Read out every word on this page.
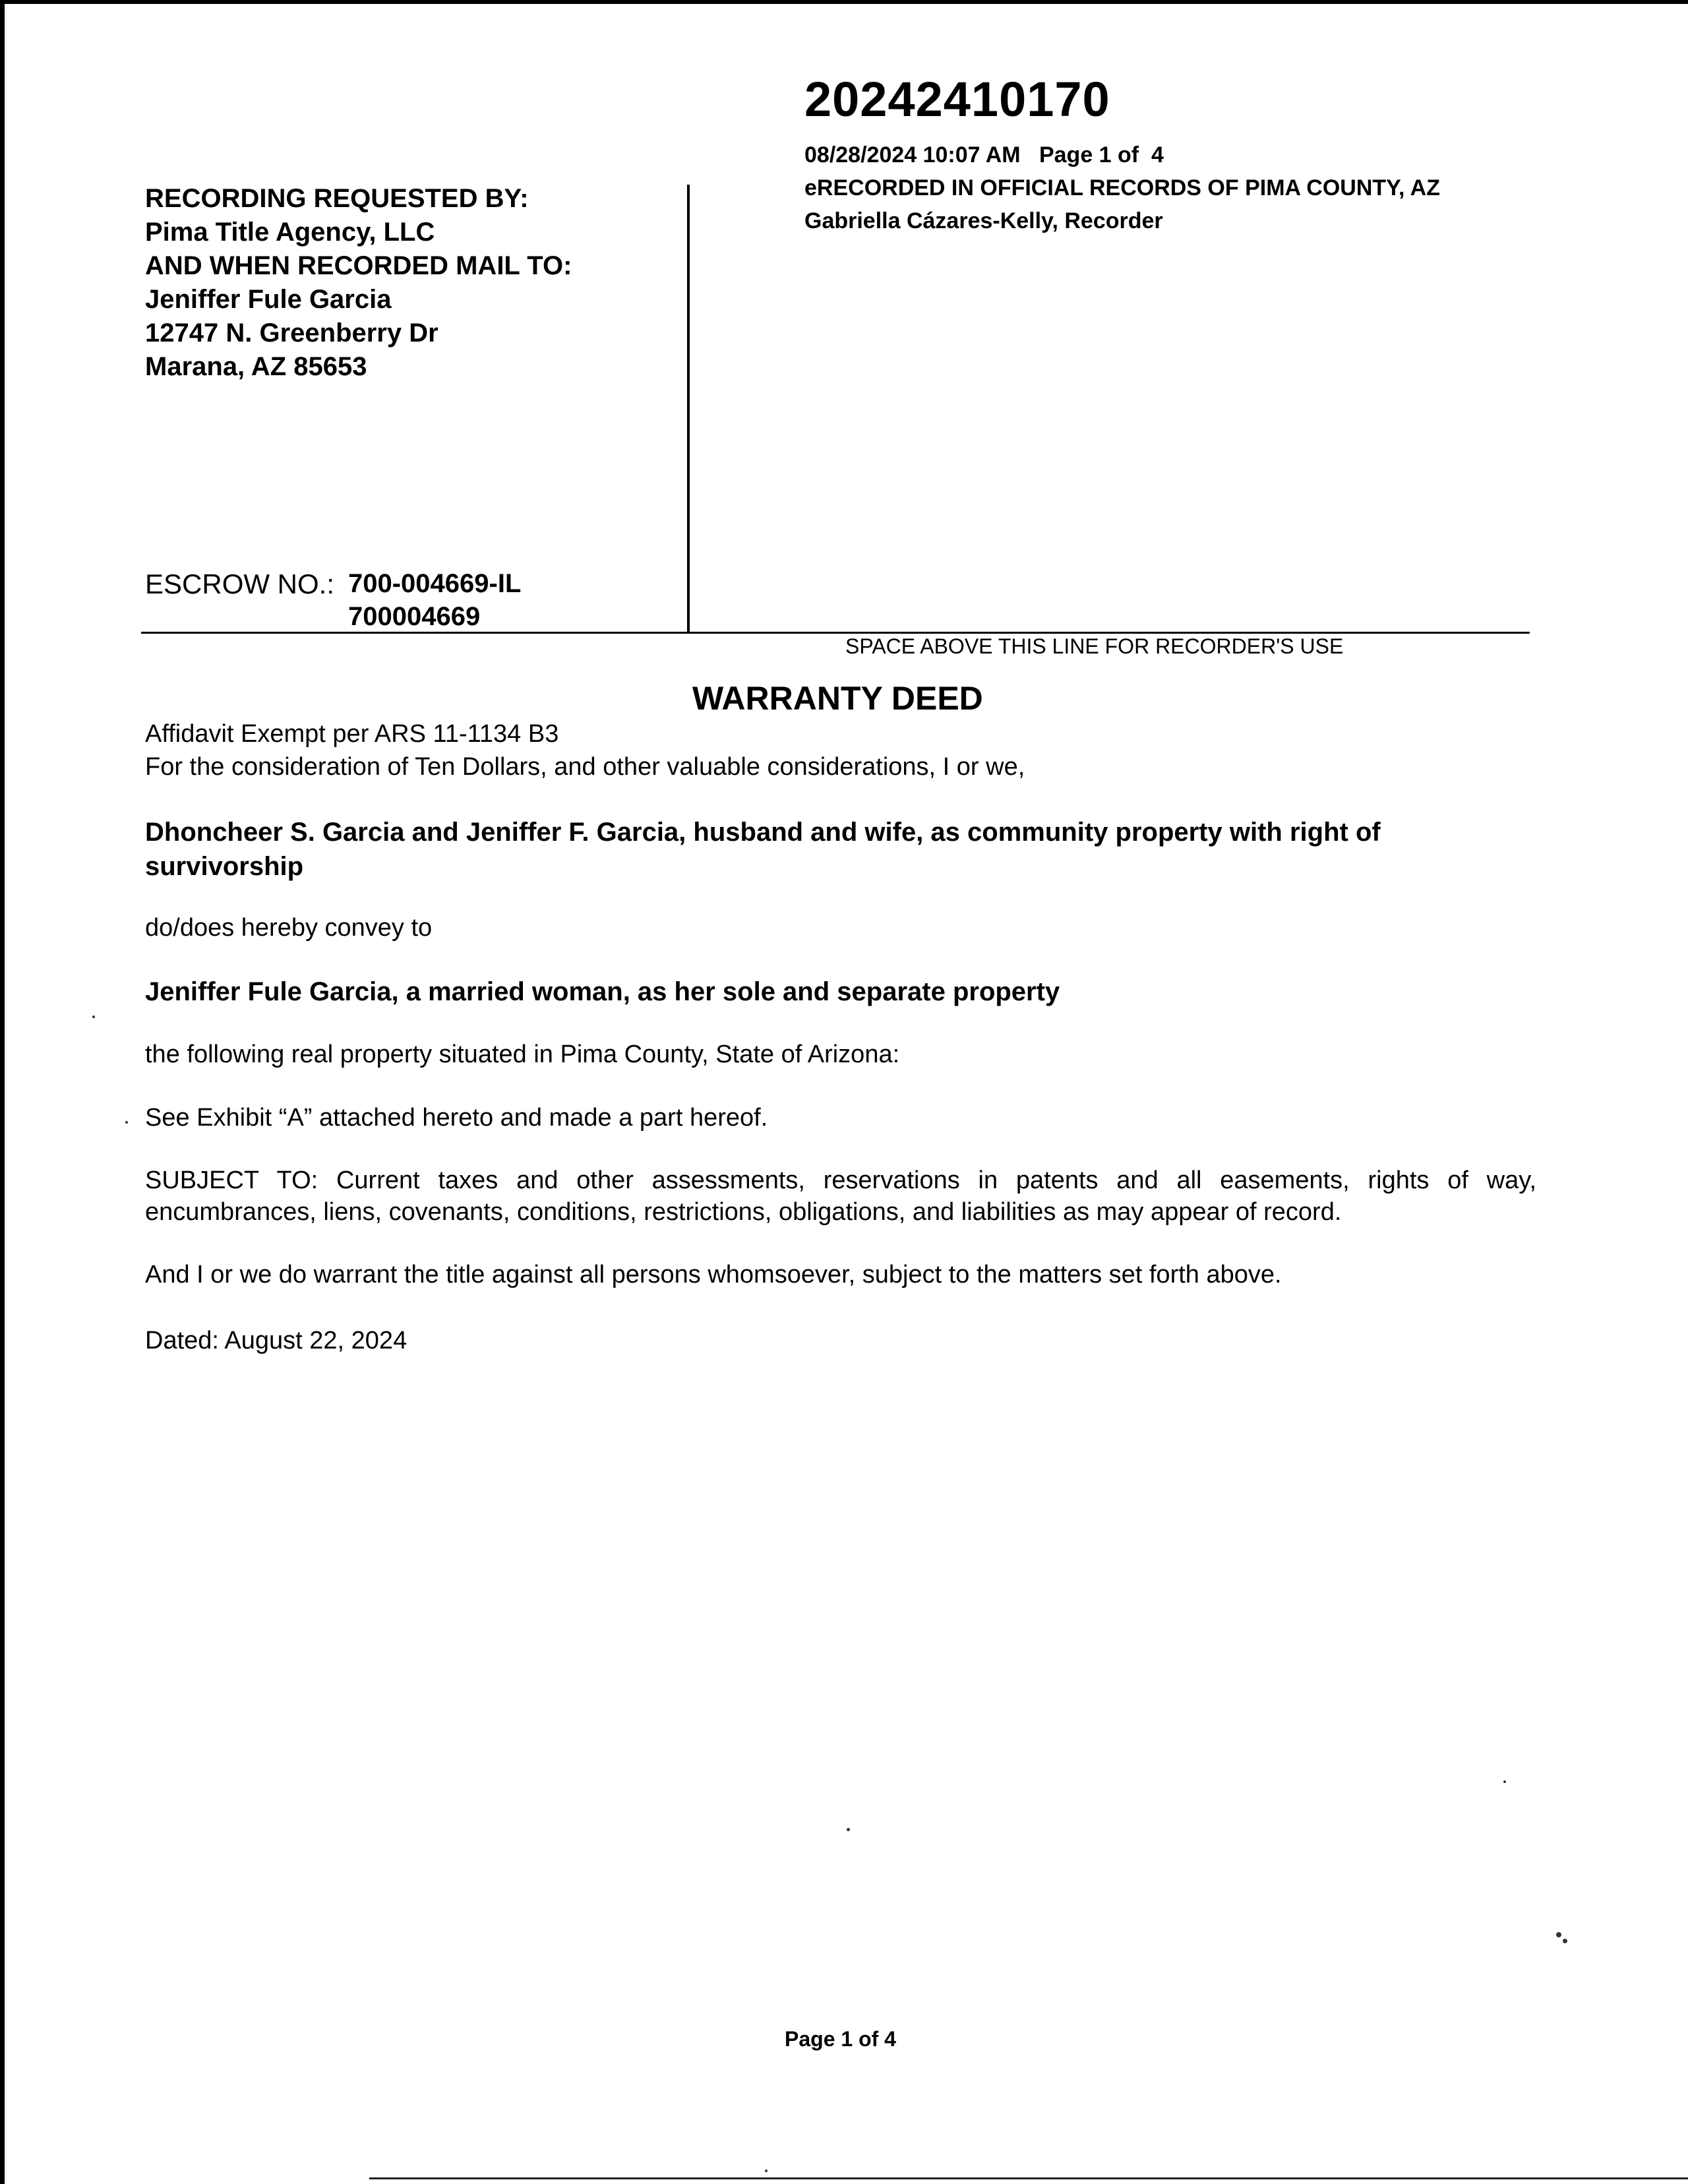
20242410170
08/28/2024 10:07 AM   Page 1 of  4
eRECORDED IN OFFICIAL RECORDS OF PIMA COUNTY, AZ
Gabriella Cázares-Kelly, Recorder
RECORDING REQUESTED BY:
Pima Title Agency, LLC
AND WHEN RECORDED MAIL TO:
Jeniffer Fule Garcia
12747 N. Greenberry Dr
Marana, AZ 85653
ESCROW NO.: 700-004669-IL
700004669
SPACE ABOVE THIS LINE FOR RECORDER'S USE
WARRANTY DEED
Affidavit Exempt per ARS 11-1134 B3
For the consideration of Ten Dollars, and other valuable considerations, I or we,
Dhoncheer S. Garcia and Jeniffer F. Garcia, husband and wife, as community property with right of
survivorship
do/does hereby convey to
Jeniffer Fule Garcia, a married woman, as her sole and separate property
the following real property situated in Pima County, State of Arizona:
See Exhibit “A” attached hereto and made a part hereof.
SUBJECT TO: Current taxes and other assessments, reservations in patents and all easements, rights of way, encumbrances, liens, covenants, conditions, restrictions, obligations, and liabilities as may appear of record.
And I or we do warrant the title against all persons whomsoever, subject to the matters set forth above.
Dated: August 22, 2024
Page 1 of 4
